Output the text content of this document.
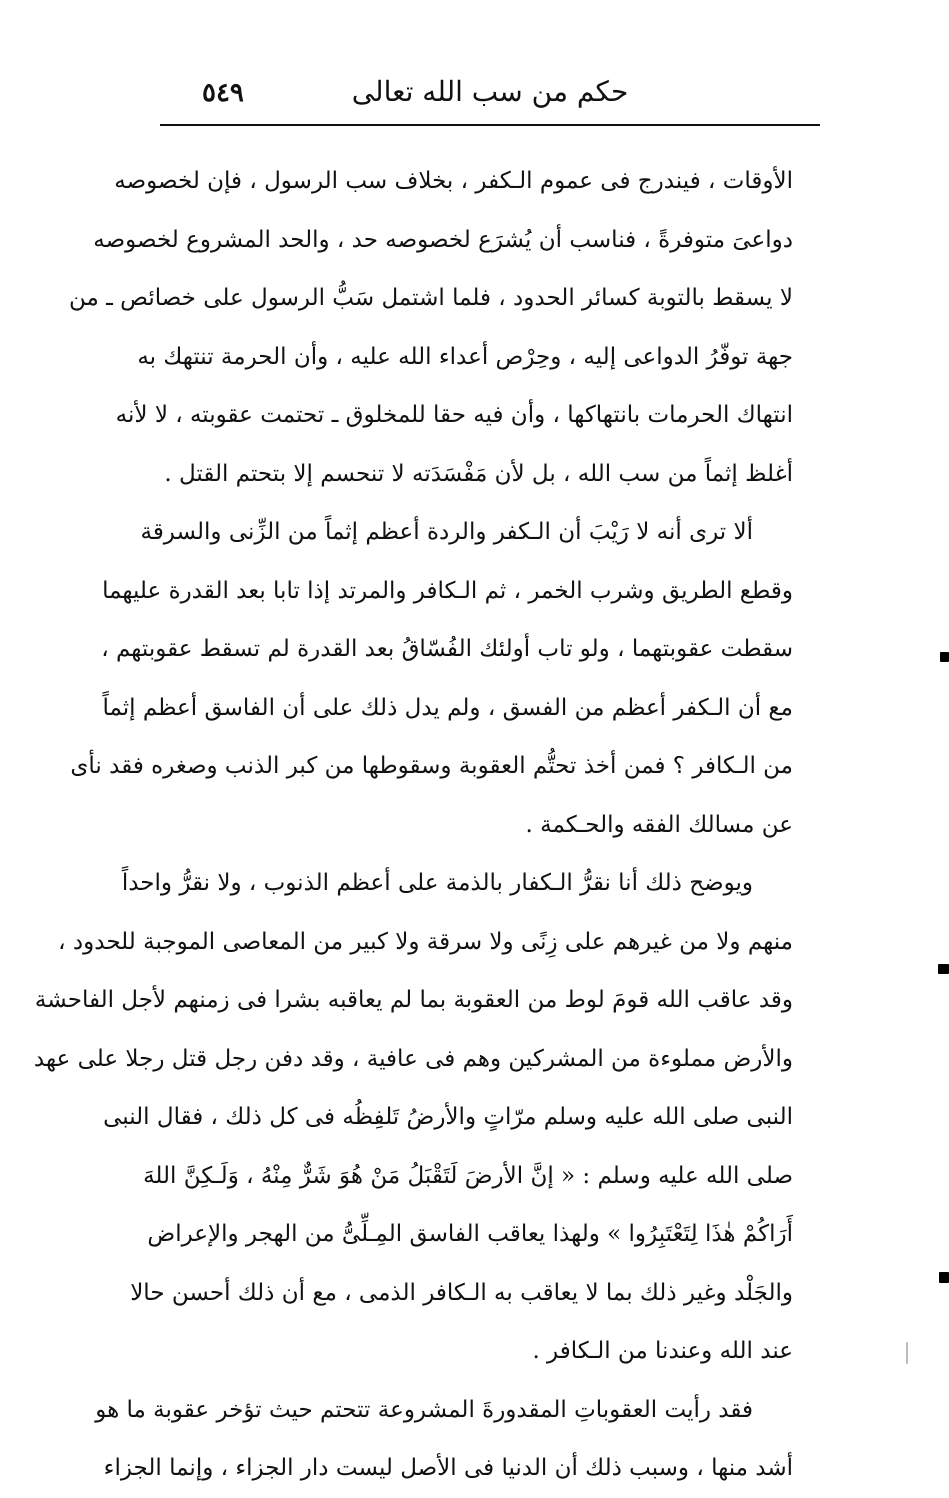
٥٤٩	حكم من سب الله تعالى
الأوقات ، فيندرج فى عموم الـكفر ، بخلاف سب الرسول ، فإن لخصوصه
دواعىَ متوفرةً ، فناسب أن يُشرَع لخصوصه حد ، والحد المشروع لخصوصه
لا يسقط بالتوبة كسائر الحدود ، فلما اشتمل سَبُّ الرسول على خصائص ـ من
جهة توفّرُ الدواعى إليه ، وحِرْص أعداء الله عليه ، وأن الحرمة تنتهك به
انتهاك الحرمات بانتهاكها ، وأن فيه حقا للمخلوق ـ تحتمت عقوبته ، لا لأنه
أغلظ إثماً من سب الله ، بل لأن مَفْسَدَته لا تنحسم إلا بتحتم القتل .
ألا ترى أنه لا رَيْبَ أن الـكفر والردة أعظم إثماً من الزِّنى والسرقة
وقطع الطريق وشرب الخمر ، ثم الـكافر والمرتد إذا تابا بعد القدرة عليهما
سقطت عقوبتهما ، ولو تاب أولئك الفُسّاقُ بعد القدرة لم تسقط عقوبتهم ،
مع أن الـكفر أعظم من الفسق ، ولم يدل ذلك على أن الفاسق أعظم إثماً
من الـكافر ؟ فمن أخذ تحتُّم العقوبة وسقوطها من كبر الذنب وصغره فقد نأى
عن مسالك الفقه والحـكمة .
ويوضح ذلك أنا نقرُّ الـكفار بالذمة على أعظم الذنوب ، ولا نقرُّ واحداً
منهم ولا من غيرهم على زِنًى ولا سرقة ولا كبير من المعاصى الموجبة للحدود ،
وقد عاقب الله قومَ لوط من العقوبة بما لم يعاقبه بشرا فى زمنهم لأجل الفاحشة
والأرض مملوءة من المشركين وهم فى عافية ، وقد دفن رجل قتل رجلا على عهد
النبى صلى الله عليه وسلم مرّاتٍ والأرضُ تَلفِظُه فى كل ذلك ، فقال النبى
صلى الله عليه وسلم : « إنَّ الأرضَ لَتَقْبَلُ مَنْ هُوَ شَرٌّ مِنْهُ ، وَلَـكِنَّ اللهَ
أَرَاكُمْ هٰذَا لِتَعْتَبِرُوا » ولهذا يعاقب الفاسق المِـلِّىُّ من الهجر والإعراض
والجَلْد وغير ذلك بما لا يعاقب به الـكافر الذمى ، مع أن ذلك أحسن حالا
عند الله وعندنا من الـكافر .
فقد رأيت العقوباتِ المقدورةَ المشروعة تتحتم حيث تؤخر عقوبة ما هو
أشد منها ، وسبب ذلك أن الدنيا فى الأصل ليست دار الجزاء ، وإنما الجزاء
